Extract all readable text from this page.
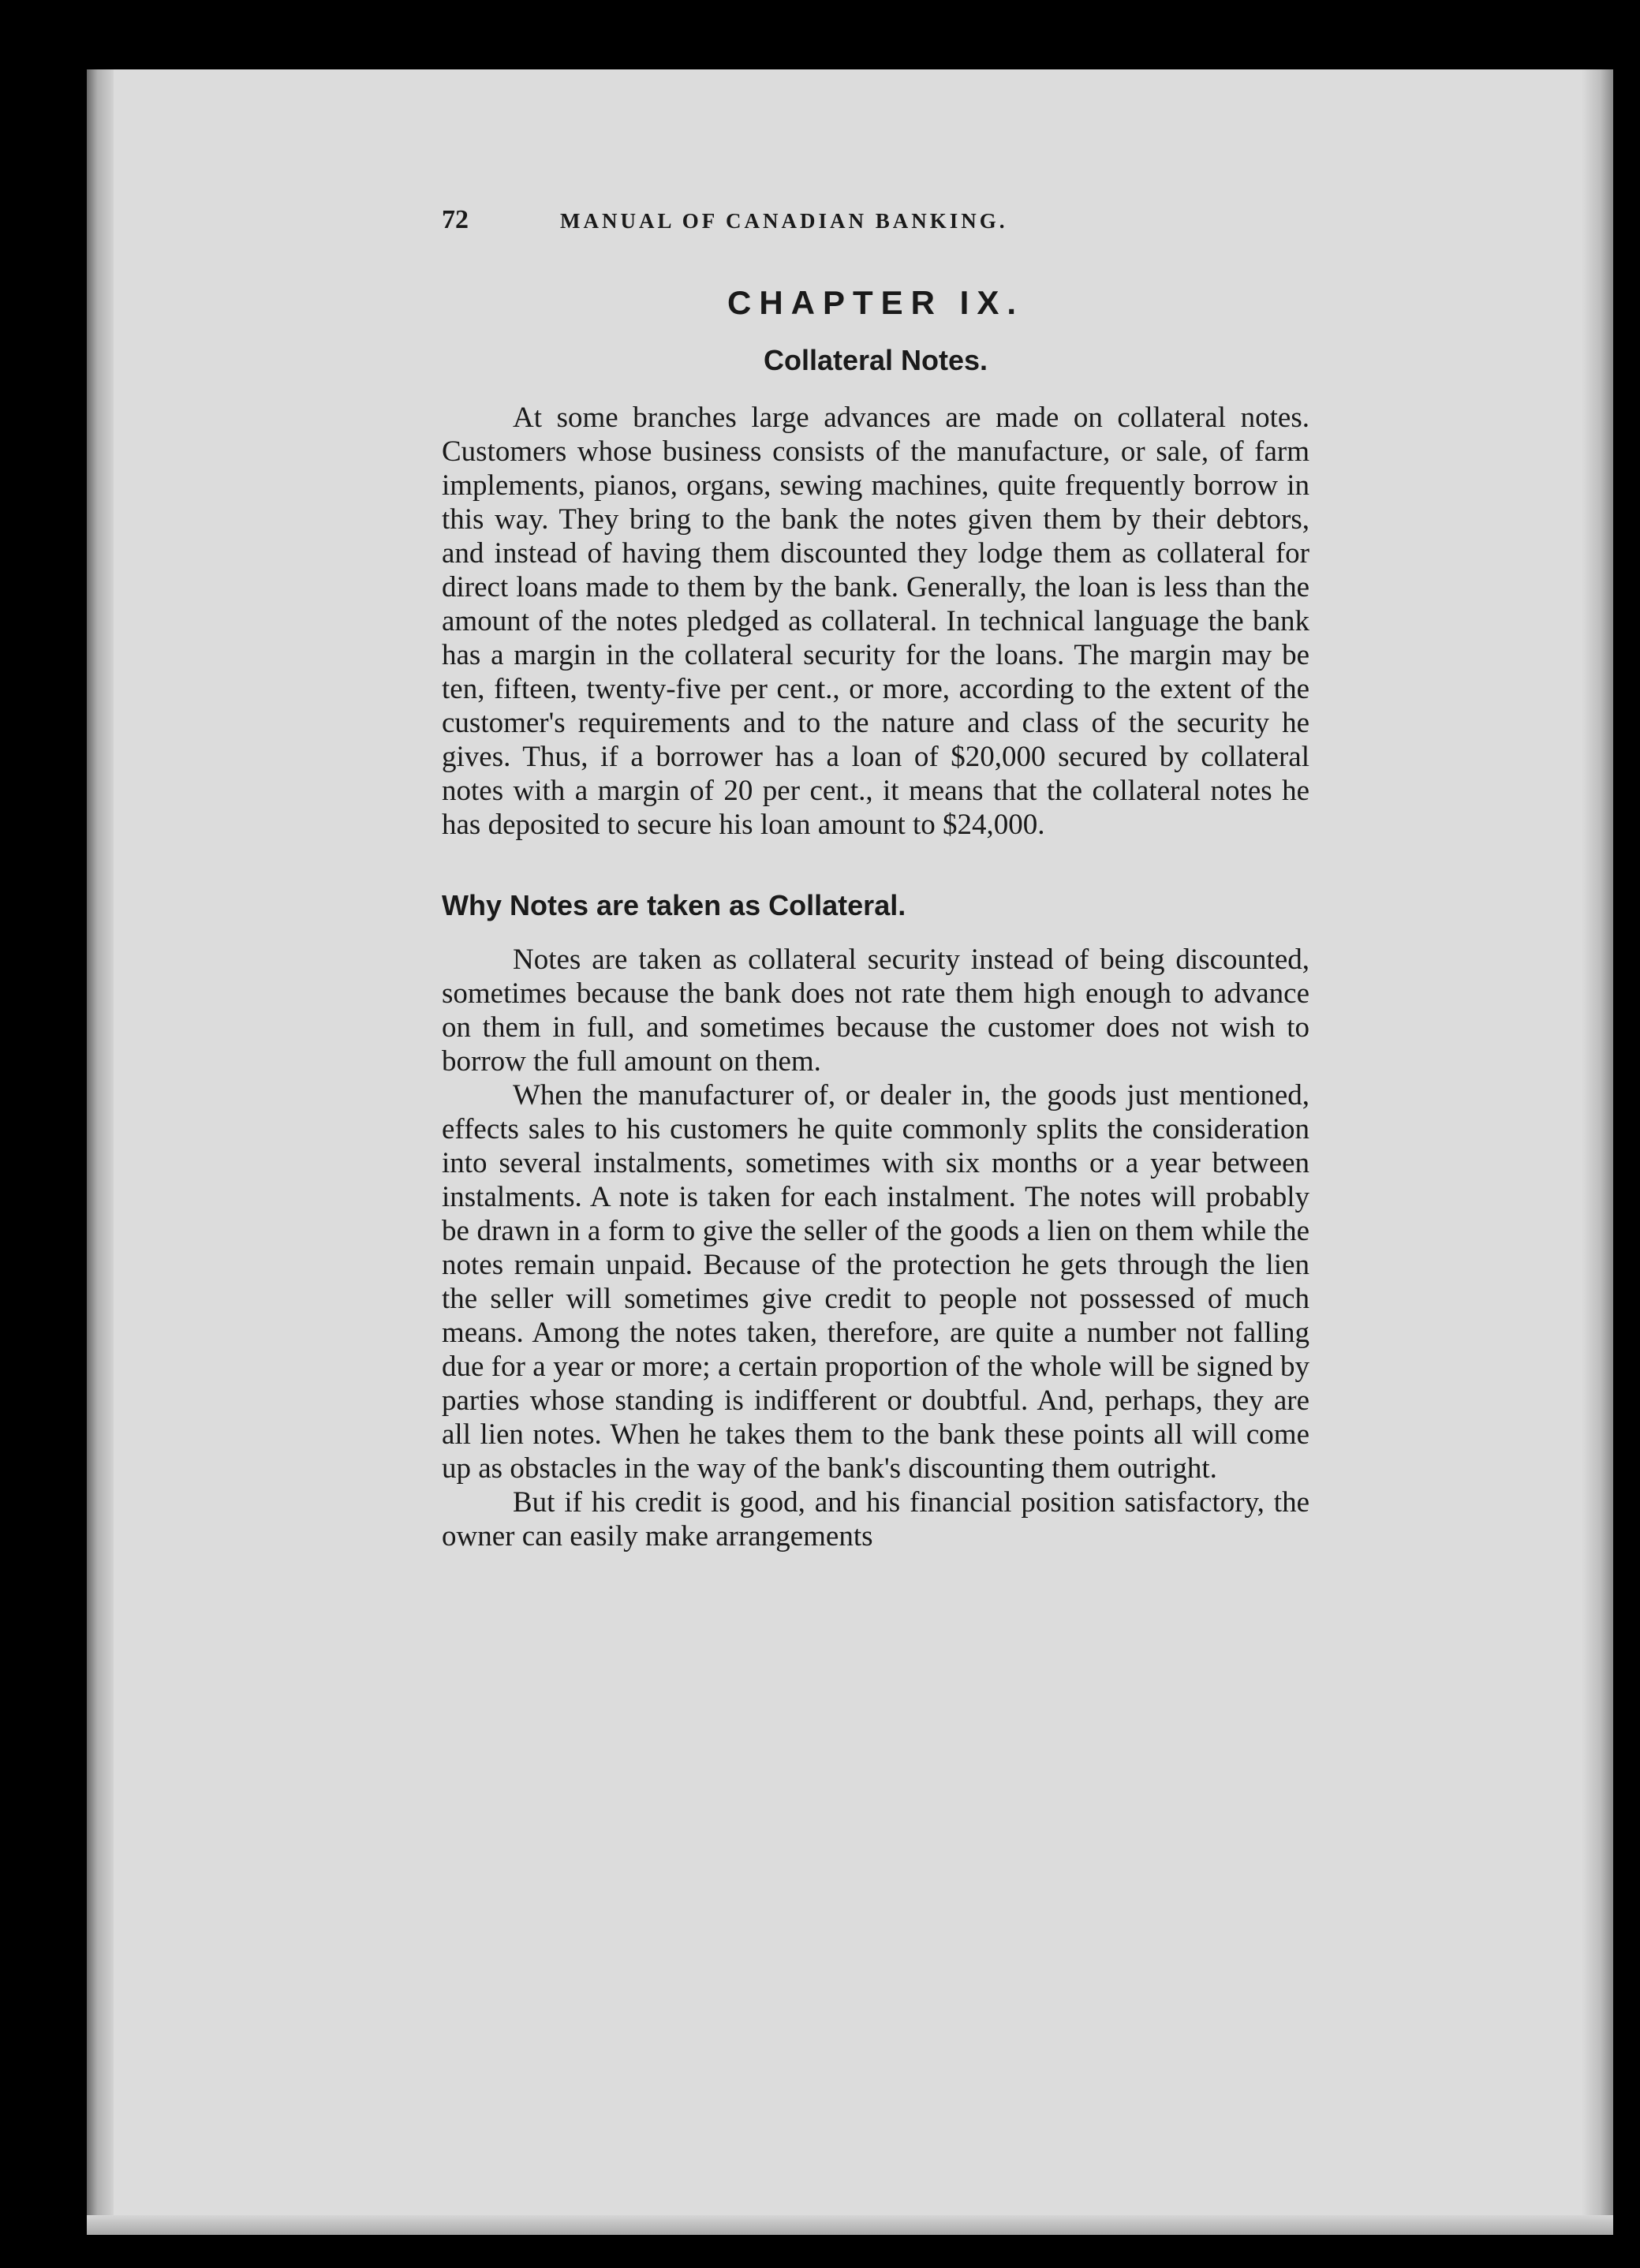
72	MANUAL OF CANADIAN BANKING.
CHAPTER IX.
Collateral Notes.

At some branches large advances are made on collateral notes. Customers whose business consists of the manufacture, or sale, of farm implements, pianos, organs, sewing machines, quite frequently borrow in this way. They bring to the bank the notes given them by their debtors, and instead of having them discounted they lodge them as collateral for direct loans made to them by the bank. Generally, the loan is less than the amount of the notes pledged as collateral. In technical language the bank has a margin in the collateral security for the loans. The margin may be ten, fifteen, twenty-five per cent., or more, according to the extent of the customer's requirements and to the nature and class of the security he gives. Thus, if a borrower has a loan of $20,000 secured by collateral notes with a margin of 20 per cent., it means that the collateral notes he has deposited to secure his loan amount to $24,000.

Why Notes are taken as Collateral.

Notes are taken as collateral security instead of being discounted, sometimes because the bank does not rate them high enough to advance on them in full, and sometimes because the customer does not wish to borrow the full amount on them.

When the manufacturer of, or dealer in, the goods just mentioned, effects sales to his customers he quite commonly splits the consideration into several instalments, sometimes with six months or a year between instalments. A note is taken for each instalment. The notes will probably be drawn in a form to give the seller of the goods a lien on them while the notes remain unpaid. Because of the protection he gets through the lien the seller will sometimes give credit to people not possessed of much means. Among the notes taken, therefore, are quite a number not falling due for a year or more; a certain proportion of the whole will be signed by parties whose standing is indifferent or doubtful. And, perhaps, they are all lien notes. When he takes them to the bank these points all will come up as obstacles in the way of the bank's discounting them outright.

But if his credit is good, and his financial position satisfactory, the owner can easily make arrangements
